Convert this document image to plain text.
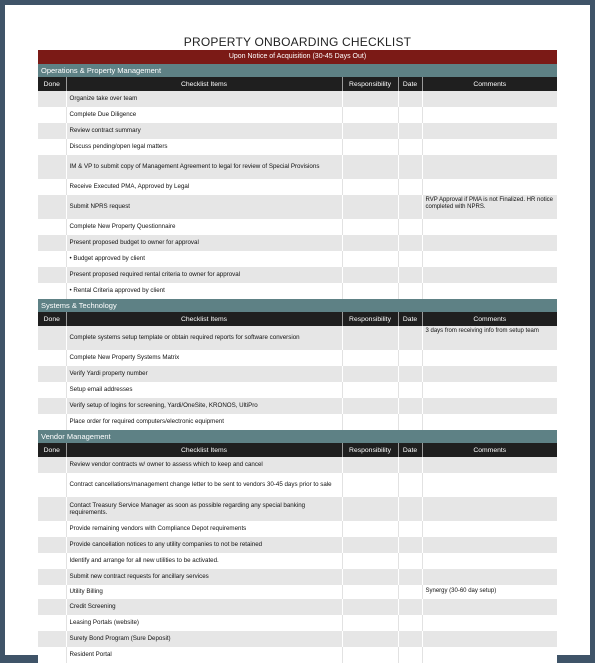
PROPERTY ONBOARDING CHECKLIST
Upon Notice of Acquisition (30-45 Days Out)
Operations & Property Management
Done	Checklist Items	Responsibility	Date	Comments
	Organize take over team			
	Complete Due Diligence			
	Review contract summary			
	Discuss pending/open legal matters			
	IM & VP to submit copy of Management Agreement to legal for review of Special Provisions			
	Receive Executed PMA, Approved by Legal			
	Submit NPRS request			RVP Approval if PMA is not Finalized. HR notice completed with NPRS.
	Complete New Property Questionnaire			
	Present proposed budget to owner for approval			
	• Budget approved by client			
	Present proposed required rental criteria to owner for approval			
	• Rental Criteria approved by client			
Systems & Technology
Done	Checklist Items	Responsibility	Date	Comments
	Complete systems setup template or obtain required reports for software conversion			3 days from receiving info from setup team
	Complete New Property Systems Matrix			
	Verify Yardi property number			
	Setup email addresses			
	Verify setup of logins for screening, Yardi/OneSite, KRONOS, UltiPro			
	Place order for required computers/electronic equipment			
Vendor Management
Done	Checklist Items	Responsibility	Date	Comments
	Review vendor contracts w/ owner to assess which to keep and cancel			
	Contract cancellations/management change letter to be sent to vendors 30-45 days prior to sale			
	Contact Treasury Service Manager as soon as possible regarding any special banking requirements.			
	Provide remaining vendors with Compliance Depot requirements			
	Provide cancellation notices to any utility companies to not be retained			
	Identify and arrange for all new utilities to be activated.			
	Submit new contract requests for ancillary services			
	Utility Billing			Synergy (30-60 day setup)
	Credit Screening			
	Leasing Portals (website)			
	Surety Bond Program (Sure Deposit)			
	Resident Portal			
